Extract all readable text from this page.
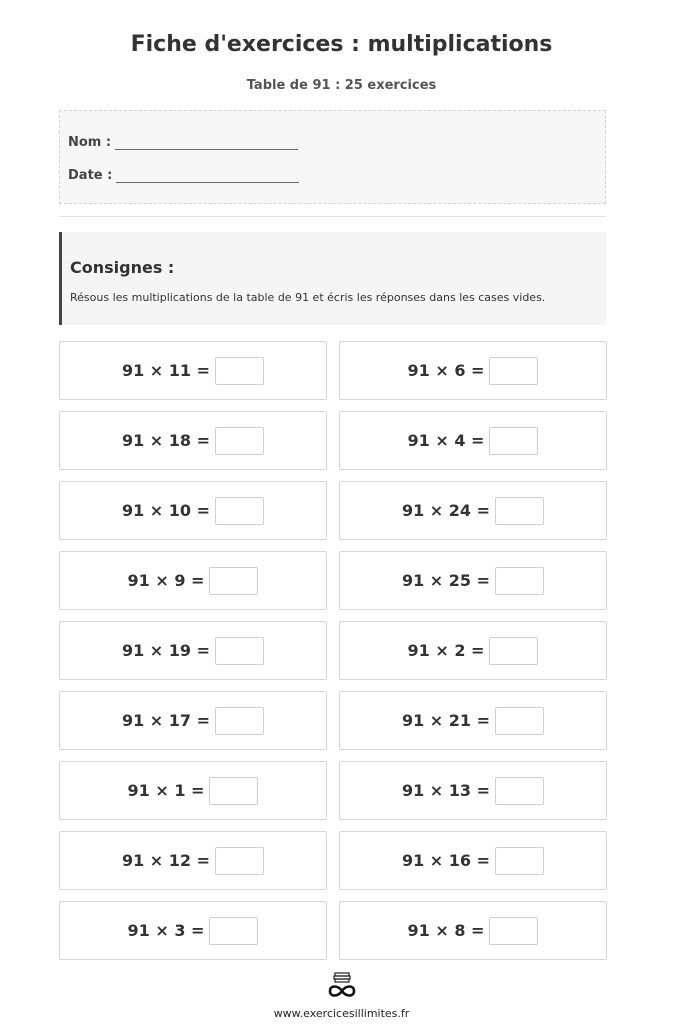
Fiche d'exercices : multiplications
Table de 91 : 25 exercices
Nom :
Date :
Consignes :
Résous les multiplications de la table de 91 et écris les réponses dans les cases vides.
91 × 11 =	91 × 6 =
91 × 18 =	91 × 4 =
91 × 10 =	91 × 24 =
91 × 9 =	91 × 25 =
91 × 19 =	91 × 2 =
91 × 17 =	91 × 21 =
91 × 1 =	91 × 13 =
91 × 12 =	91 × 16 =
91 × 3 =	91 × 8 =
www.exercicesillimites.fr
